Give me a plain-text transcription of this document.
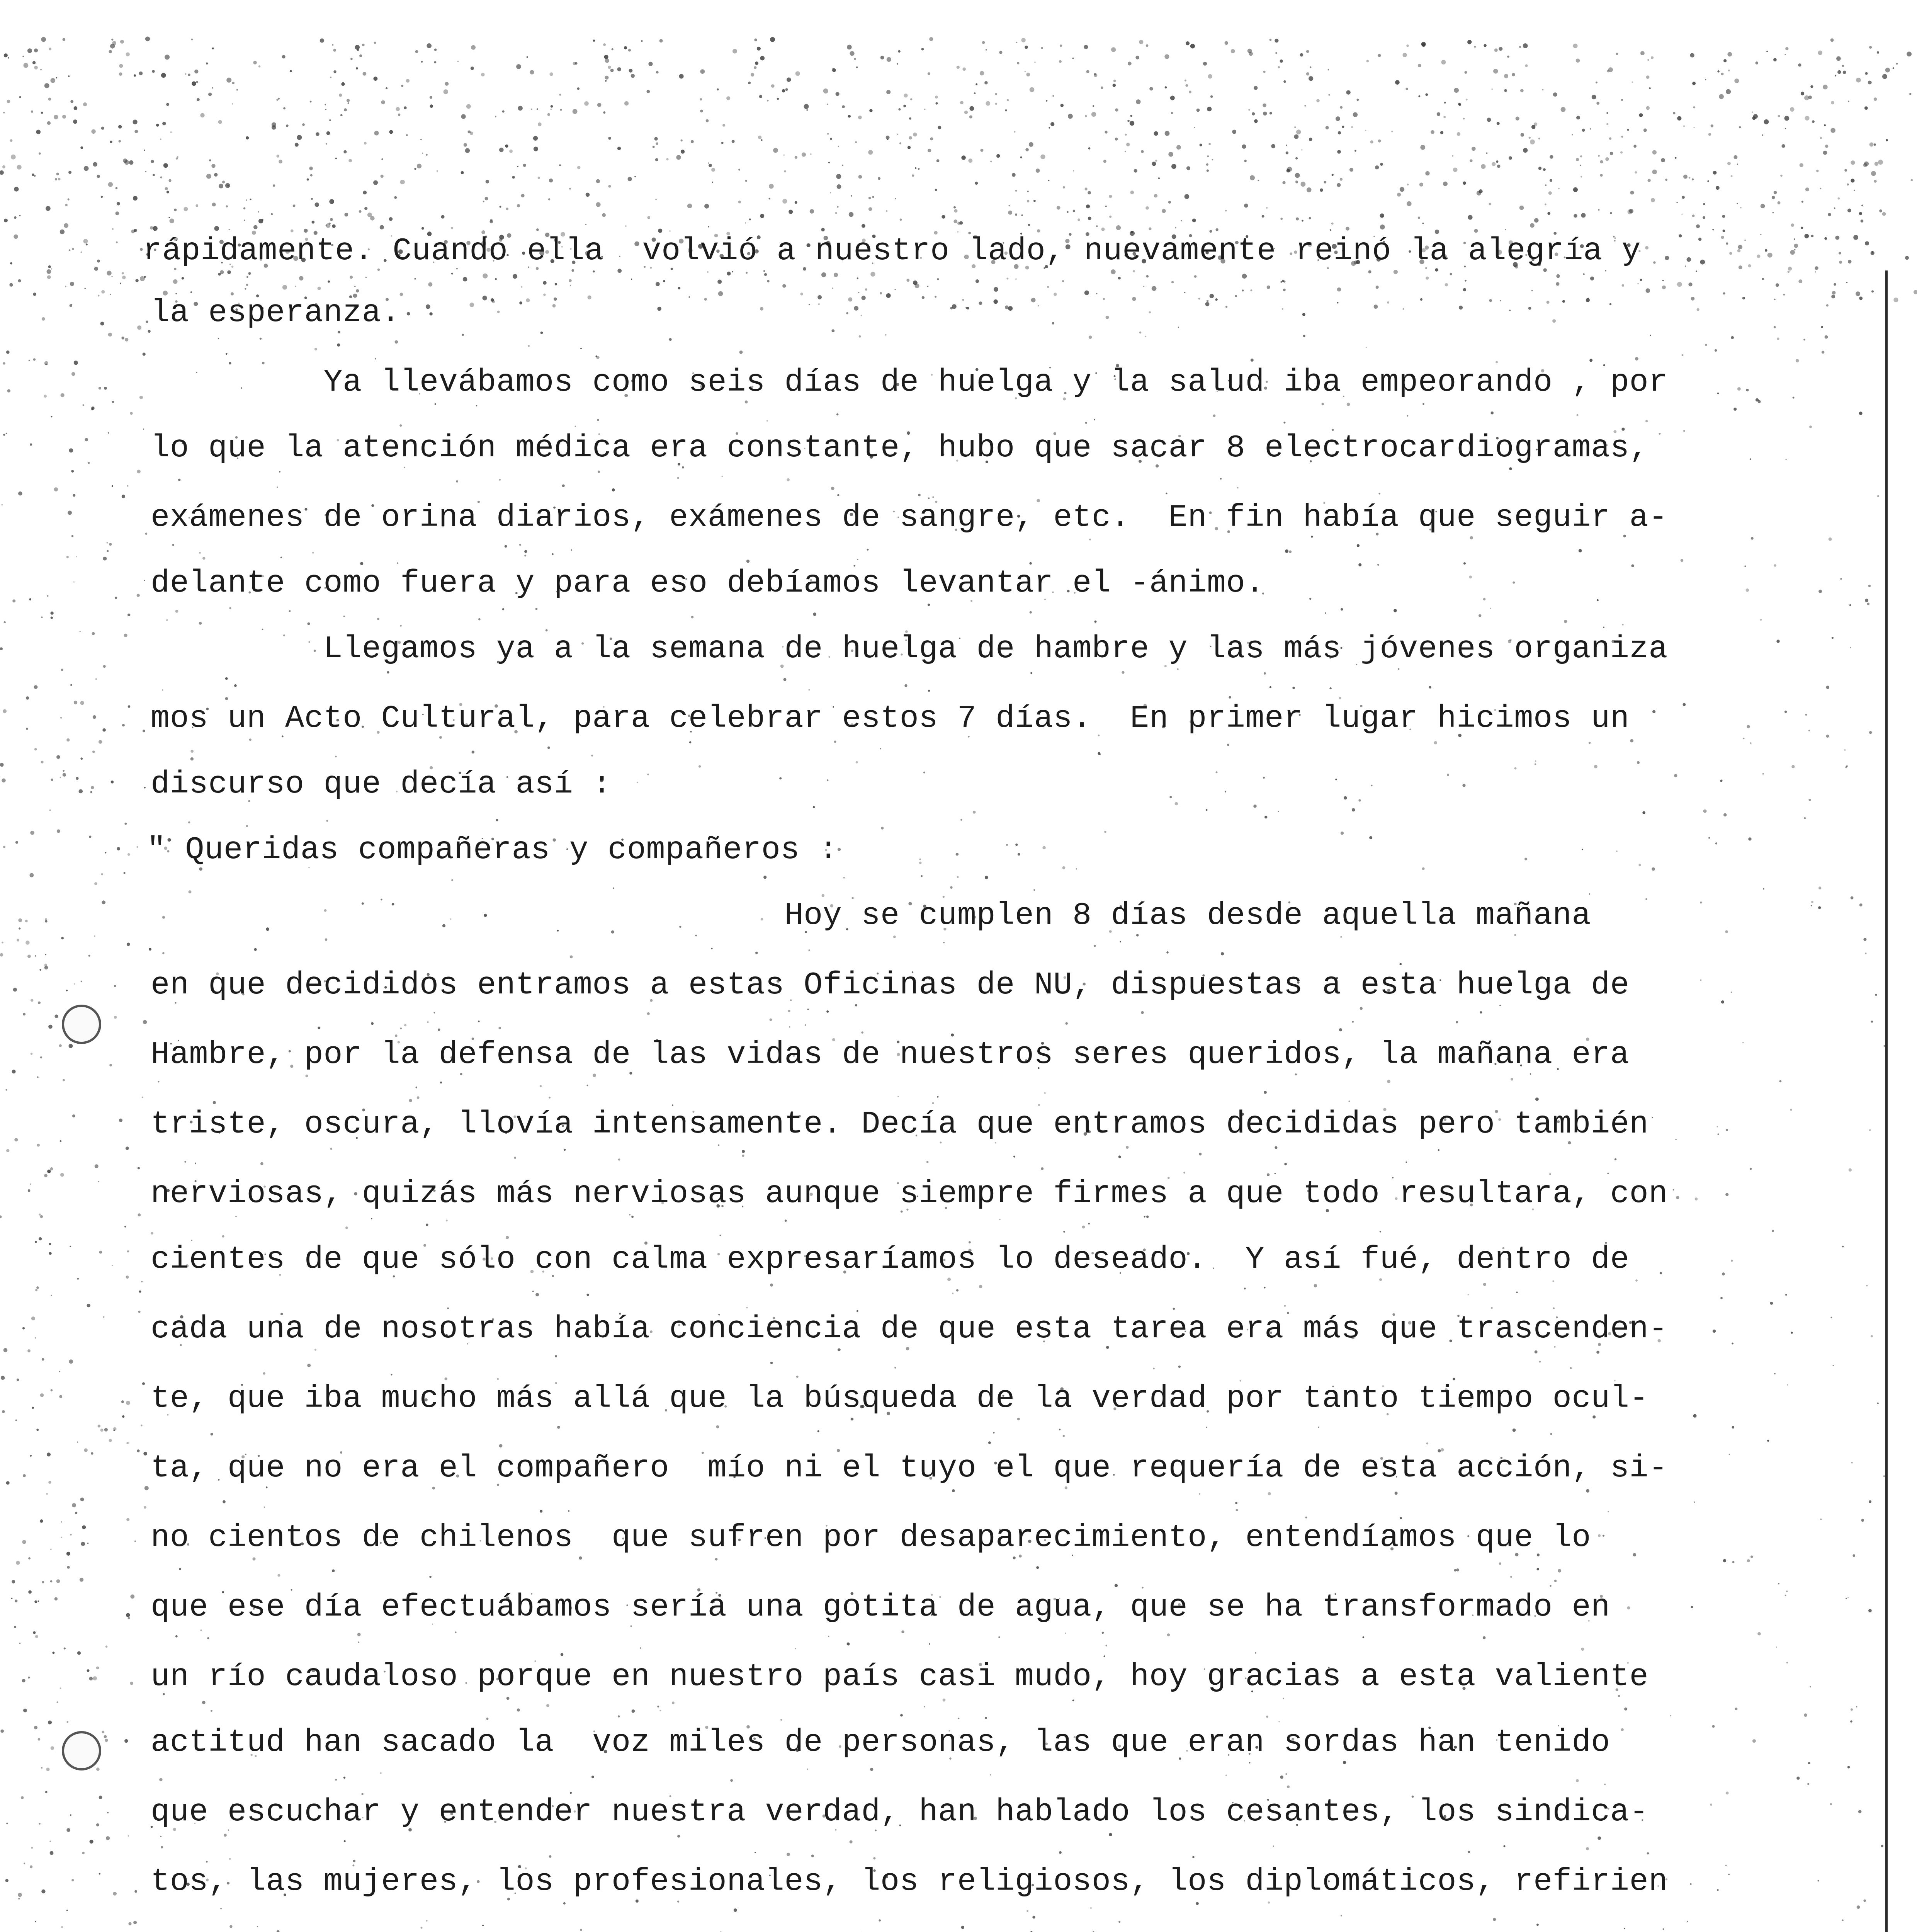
rápidamente. Cuando ella  volvió a nuestro lado, nuevamente reinó la alegría y
la esperanza.
Ya llevábamos como seis días de huelga y la salud iba empeorando , por
lo que la atención médica era constante, hubo que sacar 8 electrocardiogramas,
exámenes de orina diarios, exámenes de sangre, etc.  En fin había que seguir a-
delante como fuera y para eso debíamos levantar el -ánimo.
Llegamos ya a la semana de huelga de hambre y las más jóvenes organiza
mos un Acto Cultural, para celebrar estos 7 días.  En primer lugar hicimos un
discurso que decía así :
" Queridas compañeras y compañeros :
Hoy se cumplen 8 días desde aquella mañana
en que decididos entramos a estas Oficinas de NU, dispuestas a esta huelga de
Hambre, por la defensa de las vidas de nuestros seres queridos, la mañana era
triste, oscura, llovía intensamente. Decía que entramos decididas pero también
nerviosas, quizás más nerviosas aunque siempre firmes a que todo resultara, con
cientes de que sólo con calma expresaríamos lo deseado.  Y así fué, dentro de
cada una de nosotras había conciencia de que esta tarea era más que trascenden-
te, que iba mucho más allá que la búsqueda de la verdad por tanto tiempo ocul-
ta, que no era el compañero  mío ni el tuyo el que requería de esta acción, si-
no cientos de chilenos  que sufren por desaparecimiento, entendíamos que lo
que ese día efectuábamos sería una gotita de agua, que se ha transformado en
un río caudaloso porque en nuestro país casi mudo, hoy gracias a esta valiente
actitud han sacado la  voz miles de personas, las que eran sordas han tenido
que escuchar y entender nuestra verdad, han hablado los cesantes, los sindica-
tos, las mujeres, los profesionales, los religiosos, los diplomáticos, refirien
